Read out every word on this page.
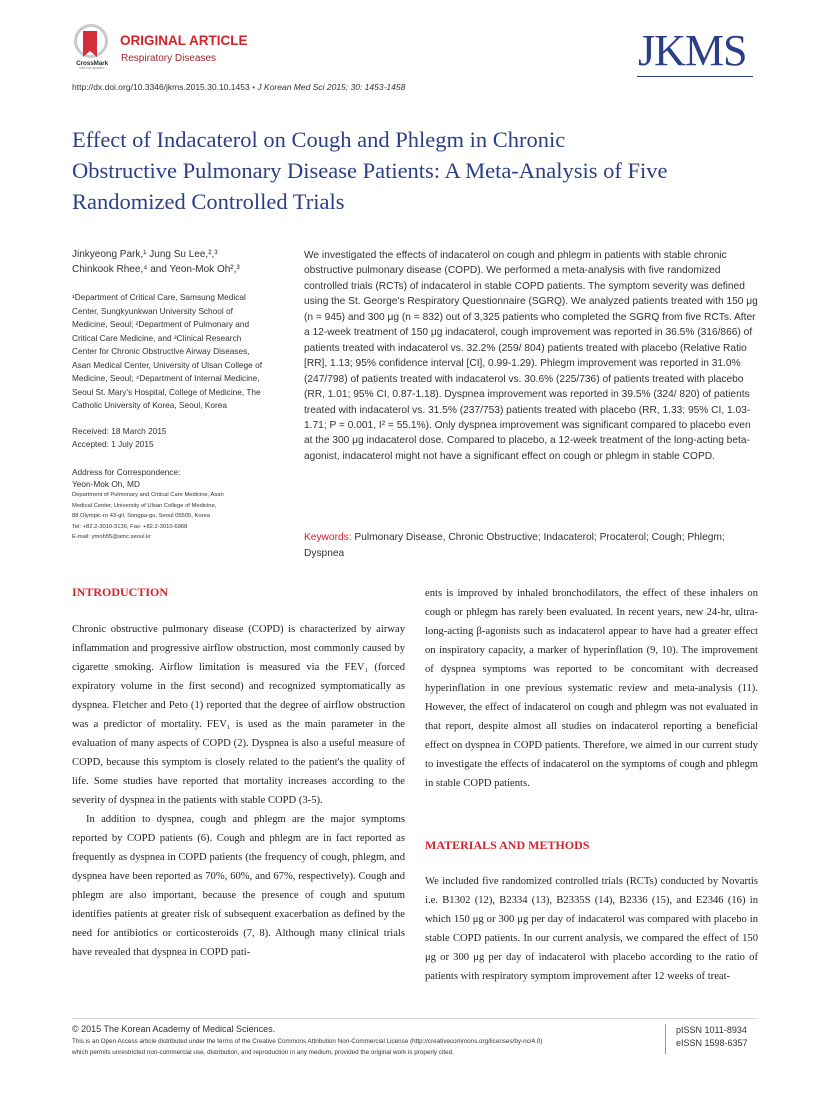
CrossMark
click for updates
ORIGINAL ARTICLE
Respiratory Diseases	JKMS
http://dx.doi.org/10.3346/jkms.2015.30.10.1453 • J Korean Med Sci 2015; 30: 1453-1458
Effect of Indacaterol on Cough and Phlegm in Chronic
Obstructive Pulmonary Disease Patients: A Meta-Analysis of Five
Randomized Controlled Trials
Jinkyeong Park,¹ Jung Su Lee,²,³
Chinkook Rhee,⁴ and Yeon-Mok Oh²,³
¹Department of Critical Care, Samsung Medical
Center, Sungkyunkwan University School of
Medicine, Seoul; ²Department of Pulmonary and
Critical Care Medicine, and ³Clinical Research
Center for Chronic Obstructive Airway Diseases,
Asan Medical Center, University of Ulsan College of
Medicine, Seoul; ⁴Department of Internal Medicine,
Seoul St. Mary's Hospital, College of Medicine, The
Catholic University of Korea, Seoul, Korea
Received: 18 March 2015
Accepted: 1 July 2015
Address for Correspondence:
Yeon-Mok Oh, MD
Department of Pulmonary and Critical Care Medicine, Asan
Medical Center, University of Ulsan College of Medicine,
88 Olympic-ro 43-gil, Songpa-gu, Seoul 05505, Korea
Tel: +82.2-3010-3136, Fax: +82.2-3010-6968
E-mail: ymoh55@amc.seoul.kr
We investigated the effects of indacaterol on cough and phlegm in patients with stable chronic obstructive pulmonary disease (COPD). We performed a meta-analysis with five randomized controlled trials (RCTs) of indacaterol in stable COPD patients. The symptom severity was defined using the St. George's Respiratory Questionnaire (SGRQ). We analyzed patients treated with 150 μg (n = 945) and 300 μg (n = 832) out of 3,325 patients who completed the SGRQ from five RCTs. After a 12-week treatment of 150 μg indacaterol, cough improvement was reported in 36.5% (316/866) of patients treated with indacaterol vs. 32.2% (259/ 804) patients treated with placebo (Relative Ratio [RR], 1.13; 95% confidence interval [CI], 0.99-1.29). Phlegm improvement was reported in 31.0% (247/798) of patients treated with indacaterol vs. 30.6% (225/736) of patients treated with placebo (RR, 1.01; 95% CI, 0.87-1.18). Dyspnea improvement was reported in 39.5% (324/ 820) of patients treated with indacaterol vs. 31.5% (237/753) patients treated with placebo (RR, 1.33; 95% CI, 1.03-1.71; P = 0.001, I² = 55.1%). Only dyspnea improvement was significant compared to placebo even at the 300 μg indacaterol dose. Compared to placebo, a 12-week treatment of the long-acting beta-agonist, indacaterol might not have a significant effect on cough or phlegm in stable COPD.
Keywords: Pulmonary Disease, Chronic Obstructive; Indacaterol; Procaterol; Cough; Phlegm; Dyspnea
INTRODUCTION

Chronic obstructive pulmonary disease (COPD) is characterized by airway inflammation and progressive airflow obstruction, most commonly caused by cigarette smoking. Airflow limitation is measured via the FEV₁ (forced expiratory volume in the first second) and recognized symptomatically as dyspnea. Fletcher and Peto (1) reported that the degree of airflow obstruction was a predictor of mortality. FEV₁ is used as the main parameter in the evaluation of many aspects of COPD (2). Dyspnea is also a useful measure of COPD, because this symptom is closely related to the patient's the quality of life. Some studies have reported that mortality increases according to the severity of dyspnea in the patients with stable COPD (3-5).

In addition to dyspnea, cough and phlegm are the major symptoms reported by COPD patients (6). Cough and phlegm are in fact reported as frequently as dyspnea in COPD patients (the frequency of cough, phlegm, and dyspnea have been reported as 70%, 60%, and 67%, respectively). Cough and phlegm are also important, because the presence of cough and sputum identifies patients at greater risk of subsequent exacerbation as defined by the need for antibiotics or corticosteroids (7, 8). Although many clinical trials have revealed that dyspnea in COPD pati-

ents is improved by inhaled bronchodilators, the effect of these inhalers on cough or phlegm has rarely been evaluated. In recent years, new 24-hr, ultra-long-acting β-agonists such as indacaterol appear to have had a greater effect on inspiratory capacity, a marker of hyperinflation (9, 10). The improvement of dyspnea symptoms was reported to be concomitant with decreased hyperinflation in one previous systematic review and meta-analysis (11). However, the effect of indacaterol on cough and phlegm was not evaluated in that report, despite almost all studies on indacaterol reporting a beneficial effect on dyspnea in COPD patients. Therefore, we aimed in our current study to investigate the effects of indacaterol on the symptoms of cough and phlegm in stable COPD patients.

MATERIALS AND METHODS

We included five randomized controlled trials (RCTs) conducted by Novartis i.e. B1302 (12), B2334 (13), B2335S (14), B2336 (15), and E2346 (16) in which 150 μg or 300 μg per day of indacaterol was compared with placebo in stable COPD patients. In our current analysis, we compared the effect of 150 μg or 300 μg per day of indacaterol with placebo according to the ratio of patients with respiratory symptom improvement after 12 weeks of treat-

© 2015 The Korean Academy of Medical Sciences.
This is an Open Access article distributed under the terms of the Creative Commons Attribution Non-Commercial License (http://creativecommons.org/licenses/by-nc/4.0)
which permits unrestricted non-commercial use, distribution, and reproduction in any medium, provided the original work is properly cited.
pISSN 1011-8934
eISSN 1598-6357
